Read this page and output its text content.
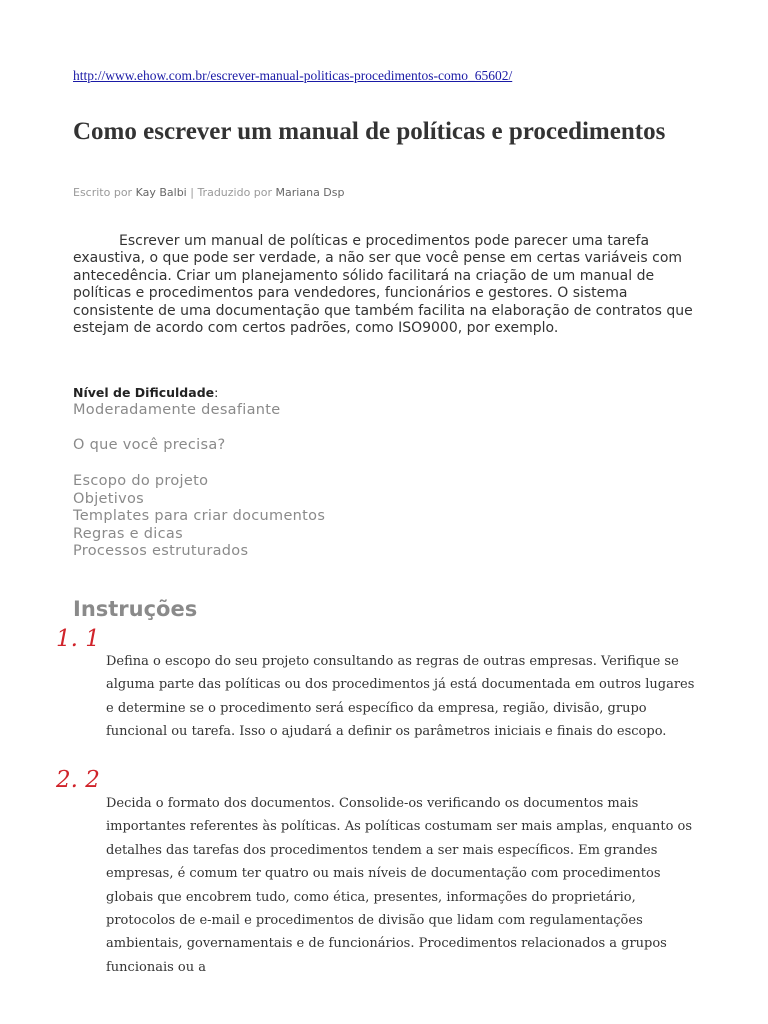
http://www.ehow.com.br/escrever-manual-politicas-procedimentos-como_65602/
Como escrever um manual de políticas e procedimentos
Escrito por Kay Balbi | Traduzido por Mariana Dsp

Escrever um manual de políticas e procedimentos pode parecer uma tarefa exaustiva, o que pode ser verdade, a não ser que você pense em certas variáveis com antecedência. Criar um planejamento sólido facilitará na criação de um manual de políticas e procedimentos para vendedores, funcionários e gestores. O sistema consistente de uma documentação que também facilita na elaboração de contratos que estejam de acordo com certos padrões, como ISO9000, por exemplo.

Nível de Dificuldade:
Moderadamente desafiante
O que você precisa?
Escopo do projeto
Objetivos
Templates para criar documentos
Regras e dicas
Processos estruturados
Instruções
1. 1

Defina o escopo do seu projeto consultando as regras de outras empresas. Verifique se alguma parte das políticas ou dos procedimentos já está documentada em outros lugares e determine se o procedimento será específico da empresa, região, divisão, grupo funcional ou tarefa. Isso o ajudará a definir os parâmetros iniciais e finais do escopo.

2. 2

Decida o formato dos documentos. Consolide-os verificando os documentos mais importantes referentes às políticas. As políticas costumam ser mais amplas, enquanto os detalhes das tarefas dos procedimentos tendem a ser mais específicos. Em grandes empresas, é comum ter quatro ou mais níveis de documentação com procedimentos globais que encobrem tudo, como ética, presentes, informações do proprietário, protocolos de e-mail e procedimentos de divisão que lidam com regulamentações ambientais, governamentais e de funcionários. Procedimentos relacionados a grupos funcionais ou a
